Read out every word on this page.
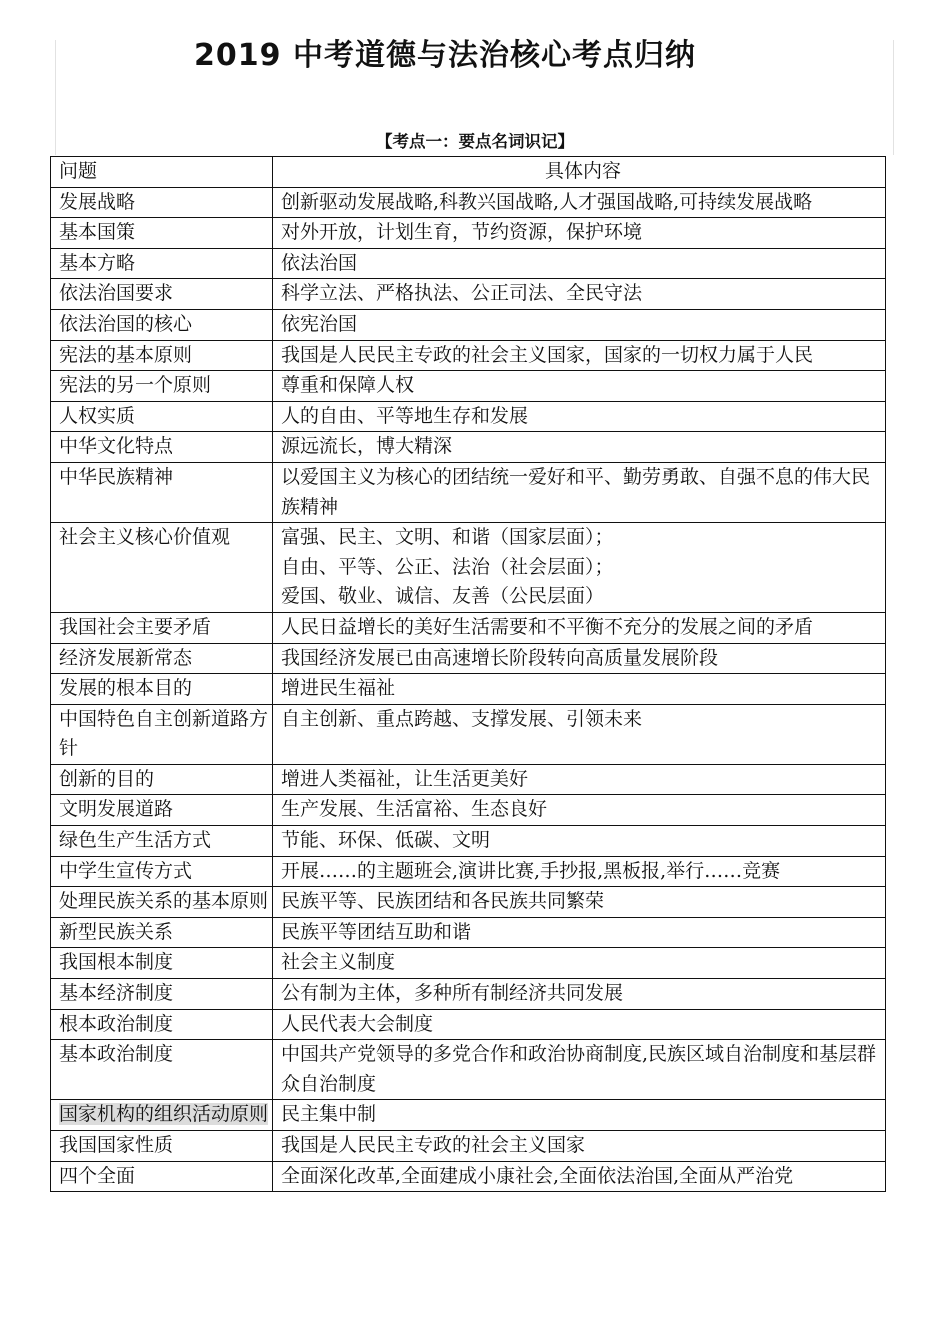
2019 中考道德与法治核心考点归纳
【考点一：要点名词识记】
问题	具体内容
发展战略	创新驱动发展战略,科教兴国战略,人才强国战略,可持续发展战略
基本国策	对外开放，计划生育，节约资源，保护环境
基本方略	依法治国
依法治国要求	科学立法、严格执法、公正司法、全民守法
依法治国的核心	依宪治国
宪法的基本原则	我国是人民民主专政的社会主义国家，国家的一切权力属于人民
宪法的另一个原则	尊重和保障人权
人权实质	人的自由、平等地生存和发展
中华文化特点	源远流长，博大精深
中华民族精神	以爱国主义为核心的团结统一爱好和平、勤劳勇敢、自强不息的伟大民族精神
社会主义核心价值观	富强、民主、文明、和谐（国家层面）；
自由、平等、公正、法治（社会层面）；
爱国、敬业、诚信、友善（公民层面）

我国社会主要矛盾	人民日益增长的美好生活需要和不平衡不充分的发展之间的矛盾
经济发展新常态	我国经济发展已由高速增长阶段转向高质量发展阶段
发展的根本目的	增进民生福祉
中国特色自主创新道路方针	自主创新、重点跨越、支撑发展、引领未来
创新的目的	增进人类福祉，让生活更美好
文明发展道路	生产发展、生活富裕、生态良好
绿色生产生活方式	节能、环保、低碳、文明
中学生宣传方式	开展……的主题班会,演讲比赛,手抄报,黑板报,举行……竞赛
处理民族关系的基本原则	民族平等、民族团结和各民族共同繁荣
新型民族关系	民族平等团结互助和谐
我国根本制度	社会主义制度
基本经济制度	公有制为主体，多种所有制经济共同发展
根本政治制度	人民代表大会制度
基本政治制度	中国共产党领导的多党合作和政治协商制度,民族区域自治制度和基层群众自治制度
国家机构的组织活动原则	民主集中制
我国国家性质	我国是人民民主专政的社会主义国家
四个全面	全面深化改革,全面建成小康社会,全面依法治国,全面从严治党
